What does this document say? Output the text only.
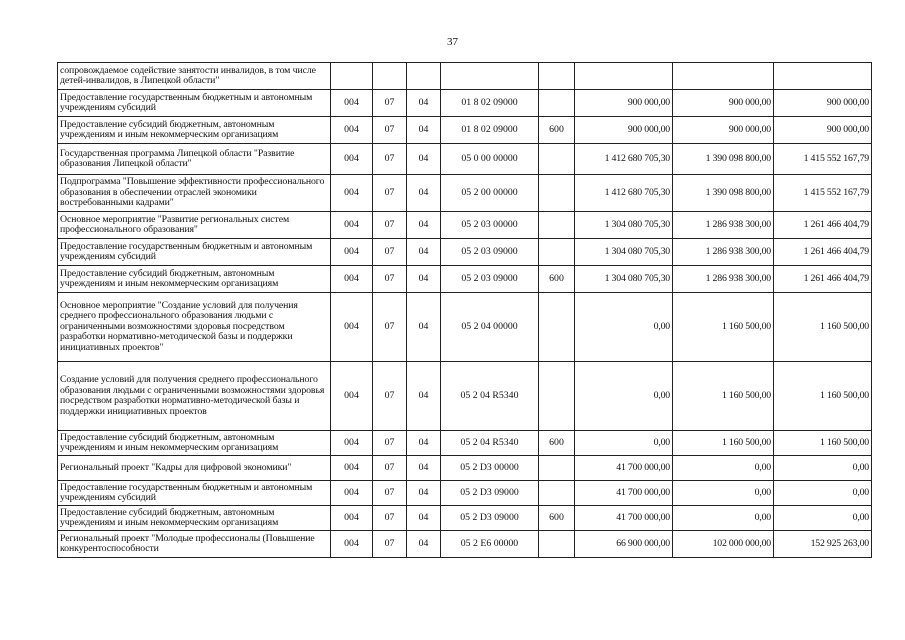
37
сопровождаемое содействие занятости инвалидов, в том числе детей-инвалидов, в Липецкой области"								
Предоставление государственным бюджетным и автономным учреждениям субсидий	004	07	04	01 8 02 09000		900 000,00	900 000,00	900 000,00
Предоставление субсидий бюджетным, автономным учреждениям и иным некоммерческим организациям	004	07	04	01 8 02 09000	600	900 000,00	900 000,00	900 000,00
Государственная программа Липецкой области "Развитие образования Липецкой области"	004	07	04	05 0 00 00000		1 412 680 705,30	1 390 098 800,00	1 415 552 167,79
Подпрограмма "Повышение эффективности профессионального образования в обеспечении отраслей экономики востребованными кадрами"	004	07	04	05 2 00 00000		1 412 680 705,30	1 390 098 800,00	1 415 552 167,79
Основное мероприятие "Развитие региональных систем профессионального образования"	004	07	04	05 2 03 00000		1 304 080 705,30	1 286 938 300,00	1 261 466 404,79
Предоставление государственным бюджетным и автономным учреждениям субсидий	004	07	04	05 2 03 09000		1 304 080 705,30	1 286 938 300,00	1 261 466 404,79
Предоставление субсидий бюджетным, автономным учреждениям и иным некоммерческим организациям	004	07	04	05 2 03 09000	600	1 304 080 705,30	1 286 938 300,00	1 261 466 404,79
Основное мероприятие "Создание условий для получения среднего профессионального образования людьми с ограниченными возможностями здоровья посредством разработки нормативно-методической базы и поддержки инициативных проектов"	004	07	04	05 2 04 00000		0,00	1 160 500,00	1 160 500,00
Создание условий для получения среднего профессионального образования людьми с ограниченными возможностями здоровья посредством разработки нормативно-методической базы и поддержки инициативных проектов	004	07	04	05 2 04 R5340		0,00	1 160 500,00	1 160 500,00
Предоставление субсидий бюджетным, автономным учреждениям и иным некоммерческим организациям	004	07	04	05 2 04 R5340	600	0,00	1 160 500,00	1 160 500,00
Региональный проект "Кадры для цифровой экономики"	004	07	04	05 2 D3 00000		41 700 000,00	0,00	0,00
Предоставление государственным бюджетным и автономным учреждениям субсидий	004	07	04	05 2 D3 09000		41 700 000,00	0,00	0,00
Предоставление субсидий бюджетным, автономным учреждениям и иным некоммерческим организациям	004	07	04	05 2 D3 09000	600	41 700 000,00	0,00	0,00
Региональный проект "Молодые профессионалы (Повышение конкурентоспособности	004	07	04	05 2 E6 00000		66 900 000,00	102 000 000,00	152 925 263,00
